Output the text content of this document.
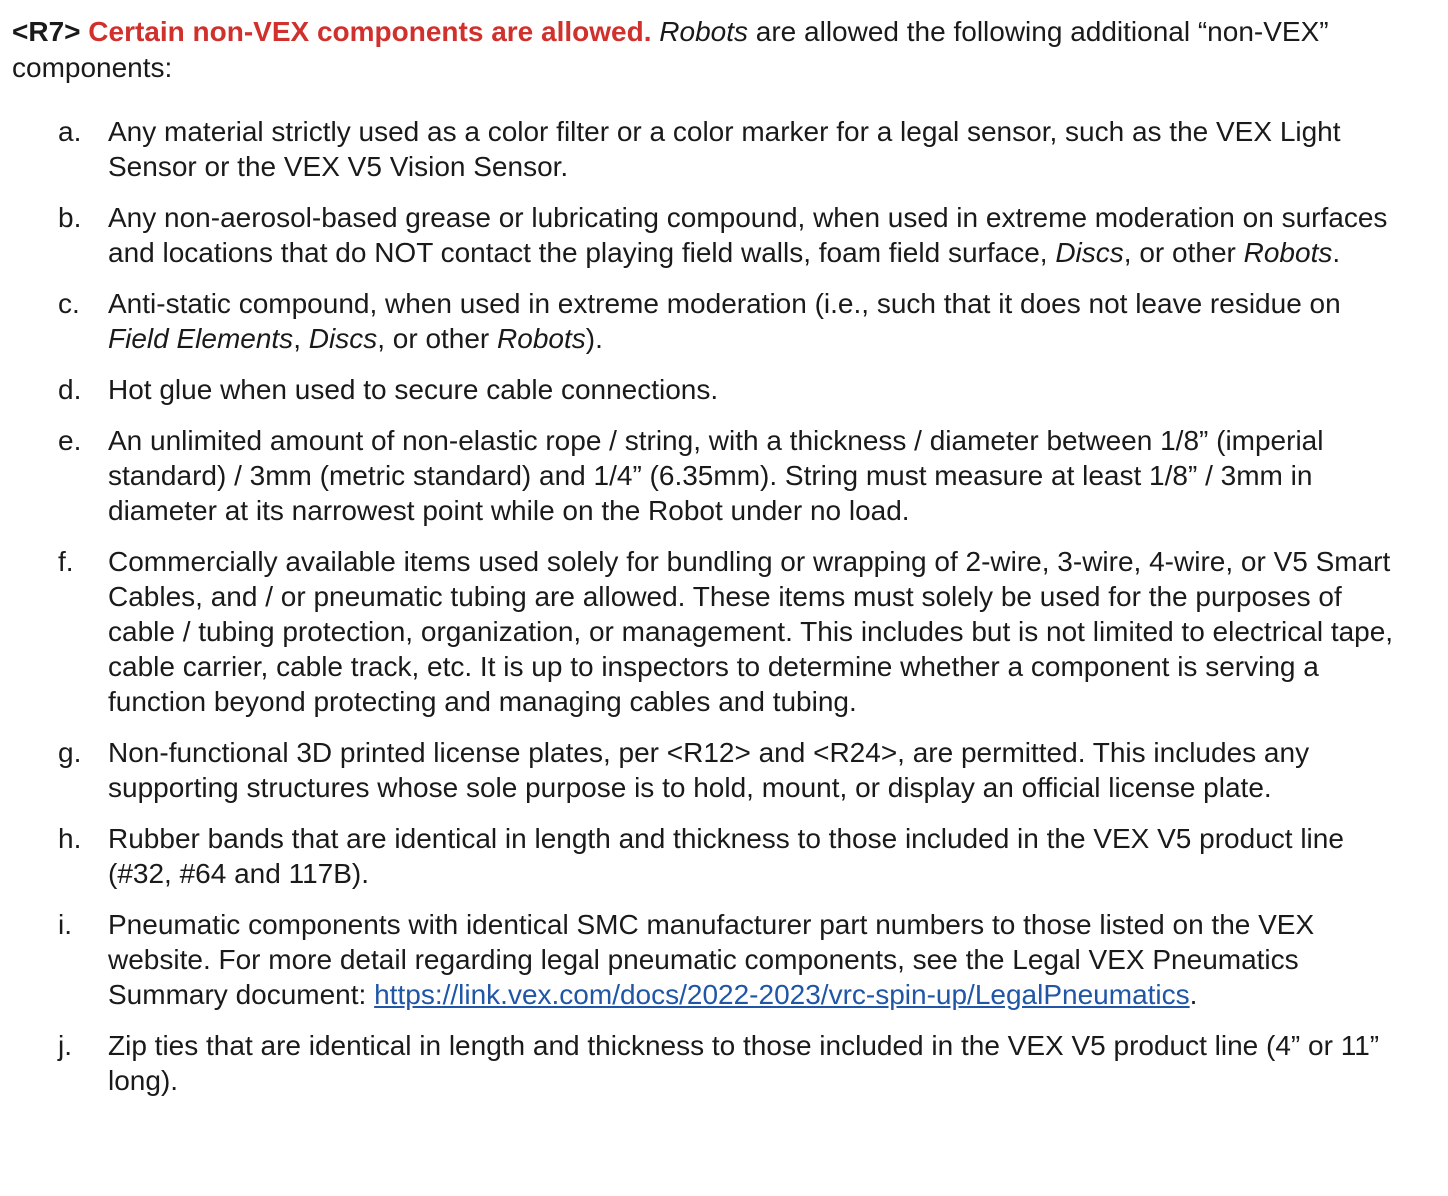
<R7> Certain non-VEX components are allowed. Robots are allowed the following additional “non-VEX” components:

a. Any material strictly used as a color filter or a color marker for a legal sensor, such as the VEX Light Sensor or the VEX V5 Vision Sensor.
b. Any non-aerosol-based grease or lubricating compound, when used in extreme moderation on surfaces and locations that do NOT contact the playing field walls, foam field surface, Discs, or other Robots.
c. Anti-static compound, when used in extreme moderation (i.e., such that it does not leave residue on Field Elements, Discs, or other Robots).
d. Hot glue when used to secure cable connections.
e. An unlimited amount of non-elastic rope / string, with a thickness / diameter between 1/8” (imperial standard) / 3mm (metric standard) and 1/4” (6.35mm). String must measure at least 1/8” / 3mm in diameter at its narrowest point while on the Robot under no load.
f. Commercially available items used solely for bundling or wrapping of 2-wire, 3-wire, 4-wire, or V5 Smart Cables, and / or pneumatic tubing are allowed. These items must solely be used for the purposes of cable / tubing protection, organization, or management. This includes but is not limited to electrical tape, cable carrier, cable track, etc. It is up to inspectors to determine whether a component is serving a function beyond protecting and managing cables and tubing.
g. Non-functional 3D printed license plates, per <R12> and <R24>, are permitted. This includes any supporting structures whose sole purpose is to hold, mount, or display an official license plate.
h. Rubber bands that are identical in length and thickness to those included in the VEX V5 product line (#32, #64 and 117B).
i. Pneumatic components with identical SMC manufacturer part numbers to those listed on the VEX website. For more detail regarding legal pneumatic components, see the Legal VEX Pneumatics Summary document: https://link.vex.com/docs/2022-2023/vrc-spin-up/LegalPneumatics.
j. Zip ties that are identical in length and thickness to those included in the VEX V5 product line (4” or 11” long).
